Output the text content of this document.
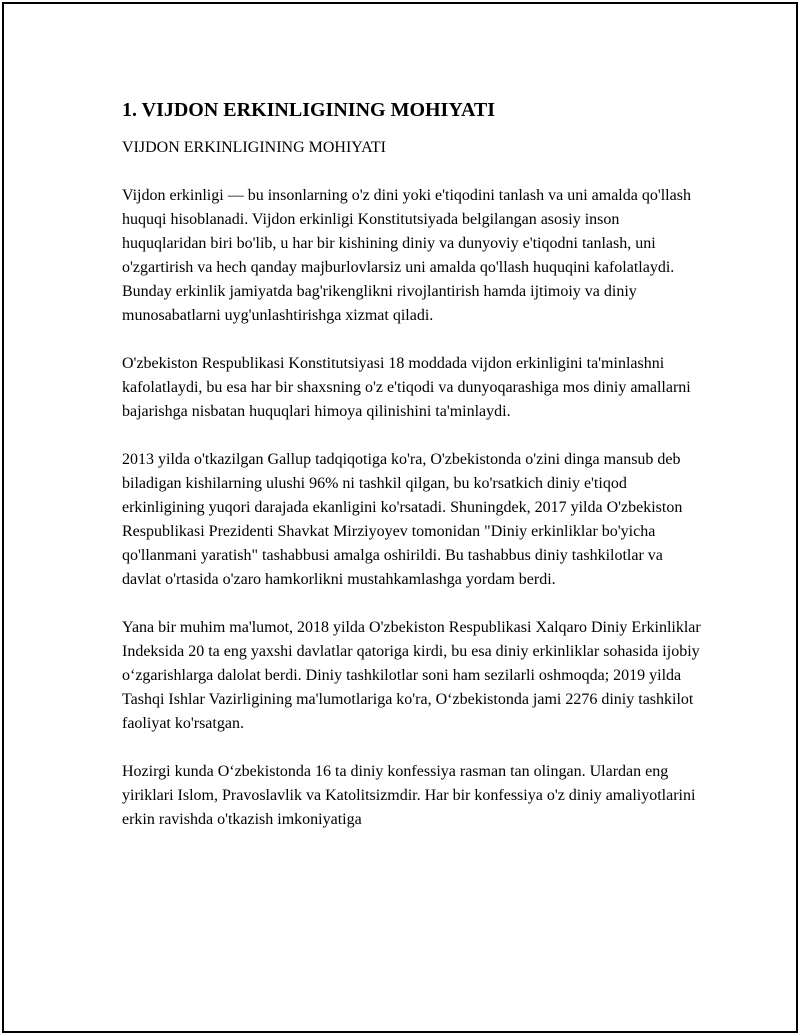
1. VIJDON ERKINLIGINING MOHIYATI
VIJDON ERKINLIGINING MOHIYATI

Vijdon erkinligi — bu insonlarning o'z dini yoki e'tiqodini tanlash va uni amalda qo'llash huquqi hisoblanadi. Vijdon erkinligi Konstitutsiyada belgilangan asosiy inson huquqlaridan biri bo'lib, u har bir kishining diniy va dunyoviy e'tiqodni tanlash, uni o'zgartirish va hech qanday majburlovlarsiz uni amalda qo'llash huquqini kafolatlaydi. Bunday erkinlik jamiyatda bag'rikenglikni rivojlantirish hamda ijtimoiy va diniy munosabatlarni uyg'unlashtirishga xizmat qiladi.

O'zbekiston Respublikasi Konstitutsiyasi 18 moddada vijdon erkinligini ta'minlashni kafolatlaydi, bu esa har bir shaxsning o'z e'tiqodi va dunyoqarashiga mos diniy amallarni bajarishga nisbatan huquqlari himoya qilinishini ta'minlaydi.

2013 yilda o'tkazilgan Gallup tadqiqotiga ko'ra, O'zbekistonda o'zini dinga mansub deb biladigan kishilarning ulushi 96% ni tashkil qilgan, bu ko'rsatkich diniy e'tiqod erkinligining yuqori darajada ekanligini ko'rsatadi. Shuningdek, 2017 yilda O'zbekiston Respublikasi Prezidenti Shavkat Mirziyoyev tomonidan "Diniy erkinliklar bo'yicha qo'llanmani yaratish" tashabbusi amalga oshirildi. Bu tashabbus diniy tashkilotlar va davlat o'rtasida o'zaro hamkorlikni mustahkamlashga yordam berdi.

Yana bir muhim ma'lumot, 2018 yilda O'zbekiston Respublikasi Xalqaro Diniy Erkinliklar Indeksida 20 ta eng yaxshi davlatlar qatoriga kirdi, bu esa diniy erkinliklar sohasida ijobiy o‘zgarishlarga dalolat berdi. Diniy tashkilotlar soni ham sezilarli oshmoqda; 2019 yilda Tashqi Ishlar Vazirligining ma'lumotlariga ko'ra, O‘zbekistonda jami 2276 diniy tashkilot faoliyat ko'rsatgan.

Hozirgi kunda O‘zbekistonda 16 ta diniy konfessiya rasman tan olingan. Ulardan eng yiriklari Islom, Pravoslavlik va Katolitsizmdir. Har bir konfessiya o'z diniy amaliyotlarini erkin ravishda o'tkazish imkoniyatiga
